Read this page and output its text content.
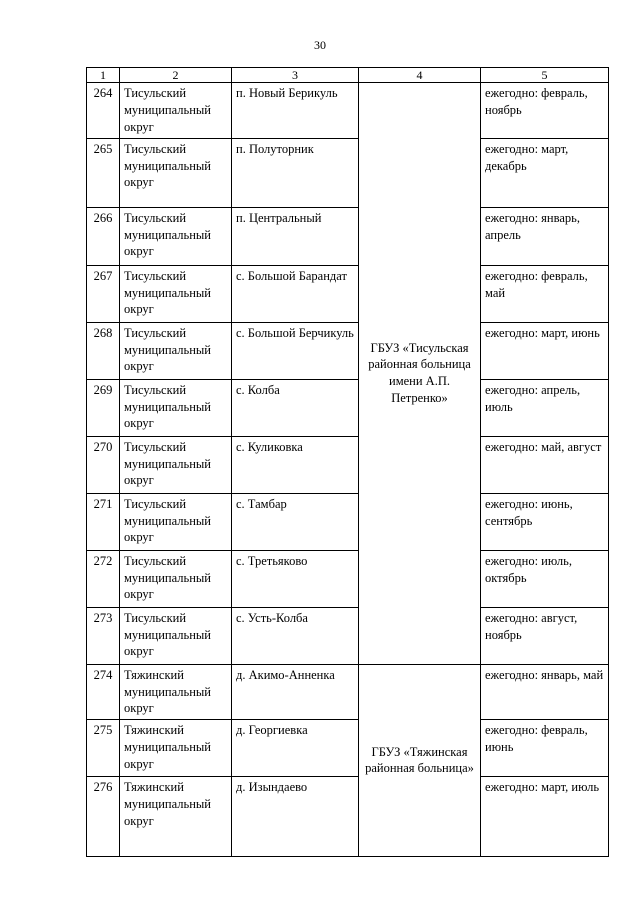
30
1	2	3	4	5
264	Тисульский муниципальный округ	п. Новый Берикуль	ГБУЗ «Тисульская районная больница имени А.П. Петренко»	ежегодно: февраль, ноябрь
265	Тисульский муниципальный округ	п. Полуторник		ежегодно: март, декабрь
266	Тисульский муниципальный округ	п. Центральный		ежегодно: январь, апрель
267	Тисульский муниципальный округ	с. Большой Барандат		ежегодно: февраль, май
268	Тисульский муниципальный округ	с. Большой Берчикуль		ежегодно: март, июнь
269	Тисульский муниципальный округ	с. Колба		ежегодно: апрель, июль
270	Тисульский муниципальный округ	с. Куликовка		ежегодно: май, август
271	Тисульский муниципальный округ	с. Тамбар		ежегодно: июнь, сентябрь
272	Тисульский муниципальный округ	с. Третьяково		ежегодно: июль, октябрь
273	Тисульский муниципальный округ	с. Усть-Колба		ежегодно: август, ноябрь
274	Тяжинский муниципальный округ	д. Акимо-Анненка	ГБУЗ «Тяжинская районная больница»	ежегодно: январь, май
275	Тяжинский муниципальный округ	д. Георгиевка		ежегодно: февраль, июнь
276	Тяжинский муниципальный округ	д. Изындаево		ежегодно: март, июль
